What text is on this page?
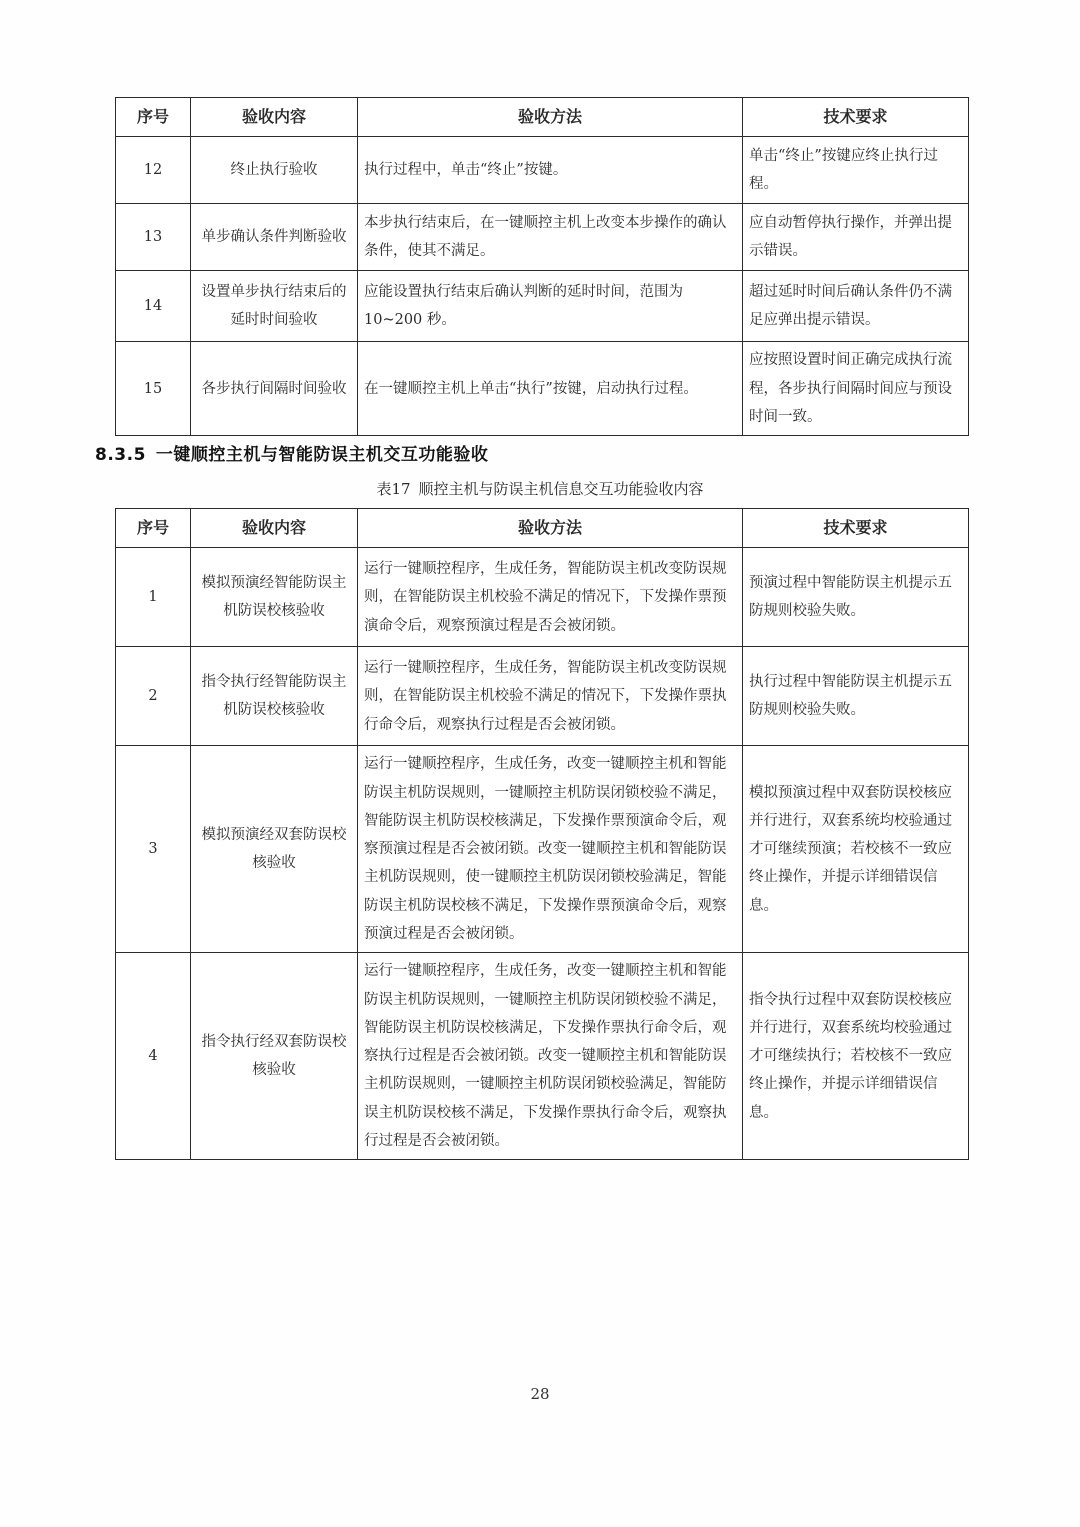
序号	验收内容	验收方法	技术要求
12	终止执行验收	执行过程中，单击“终止”按键。	单击“终止”按键应终止执行过程。
13	单步确认条件判断验收	本步执行结束后，在一键顺控主机上改变本步操作的确认条件，使其不满足。	应自动暂停执行操作，并弹出提示错误。
14	设置单步执行结束后的延时时间验收	应能设置执行结束后确认判断的延时时间，范围为10~200 秒。	超过延时时间后确认条件仍不满足应弹出提示错误。
15	各步执行间隔时间验收	在一键顺控主机上单击“执行”按键，启动执行过程。	应按照设置时间正确完成执行流程，各步执行间隔时间应与预设时间一致。
8.3.5 一键顺控主机与智能防误主机交互功能验收
表17 顺控主机与防误主机信息交互功能验收内容
序号	验收内容	验收方法	技术要求
1	模拟预演经智能防误主机防误校核验收	运行一键顺控程序，生成任务，智能防误主机改变防误规则，在智能防误主机校验不满足的情况下，下发操作票预演命令后，观察预演过程是否会被闭锁。	预演过程中智能防误主机提示五防规则校验失败。
2	指令执行经智能防误主机防误校核验收	运行一键顺控程序，生成任务，智能防误主机改变防误规则，在智能防误主机校验不满足的情况下，下发操作票执行命令后，观察执行过程是否会被闭锁。	执行过程中智能防误主机提示五防规则校验失败。
3	模拟预演经双套防误校核验收	运行一键顺控程序，生成任务，改变一键顺控主机和智能防误主机防误规则，一键顺控主机防误闭锁校验不满足，智能防误主机防误校核满足，下发操作票预演命令后，观察预演过程是否会被闭锁。改变一键顺控主机和智能防误主机防误规则，使一键顺控主机防误闭锁校验满足，智能防误主机防误校核不满足，下发操作票预演命令后，观察预演过程是否会被闭锁。	模拟预演过程中双套防误校核应并行进行，双套系统均校验通过才可继续预演；若校核不一致应终止操作，并提示详细错误信息。
4	指令执行经双套防误校核验收	运行一键顺控程序，生成任务，改变一键顺控主机和智能防误主机防误规则，一键顺控主机防误闭锁校验不满足，智能防误主机防误校核满足，下发操作票执行命令后，观察执行过程是否会被闭锁。改变一键顺控主机和智能防误主机防误规则，一键顺控主机防误闭锁校验满足，智能防误主机防误校核不满足，下发操作票执行命令后，观察执行过程是否会被闭锁。	指令执行过程中双套防误校核应并行进行，双套系统均校验通过才可继续执行；若校核不一致应终止操作，并提示详细错误信息。
28
